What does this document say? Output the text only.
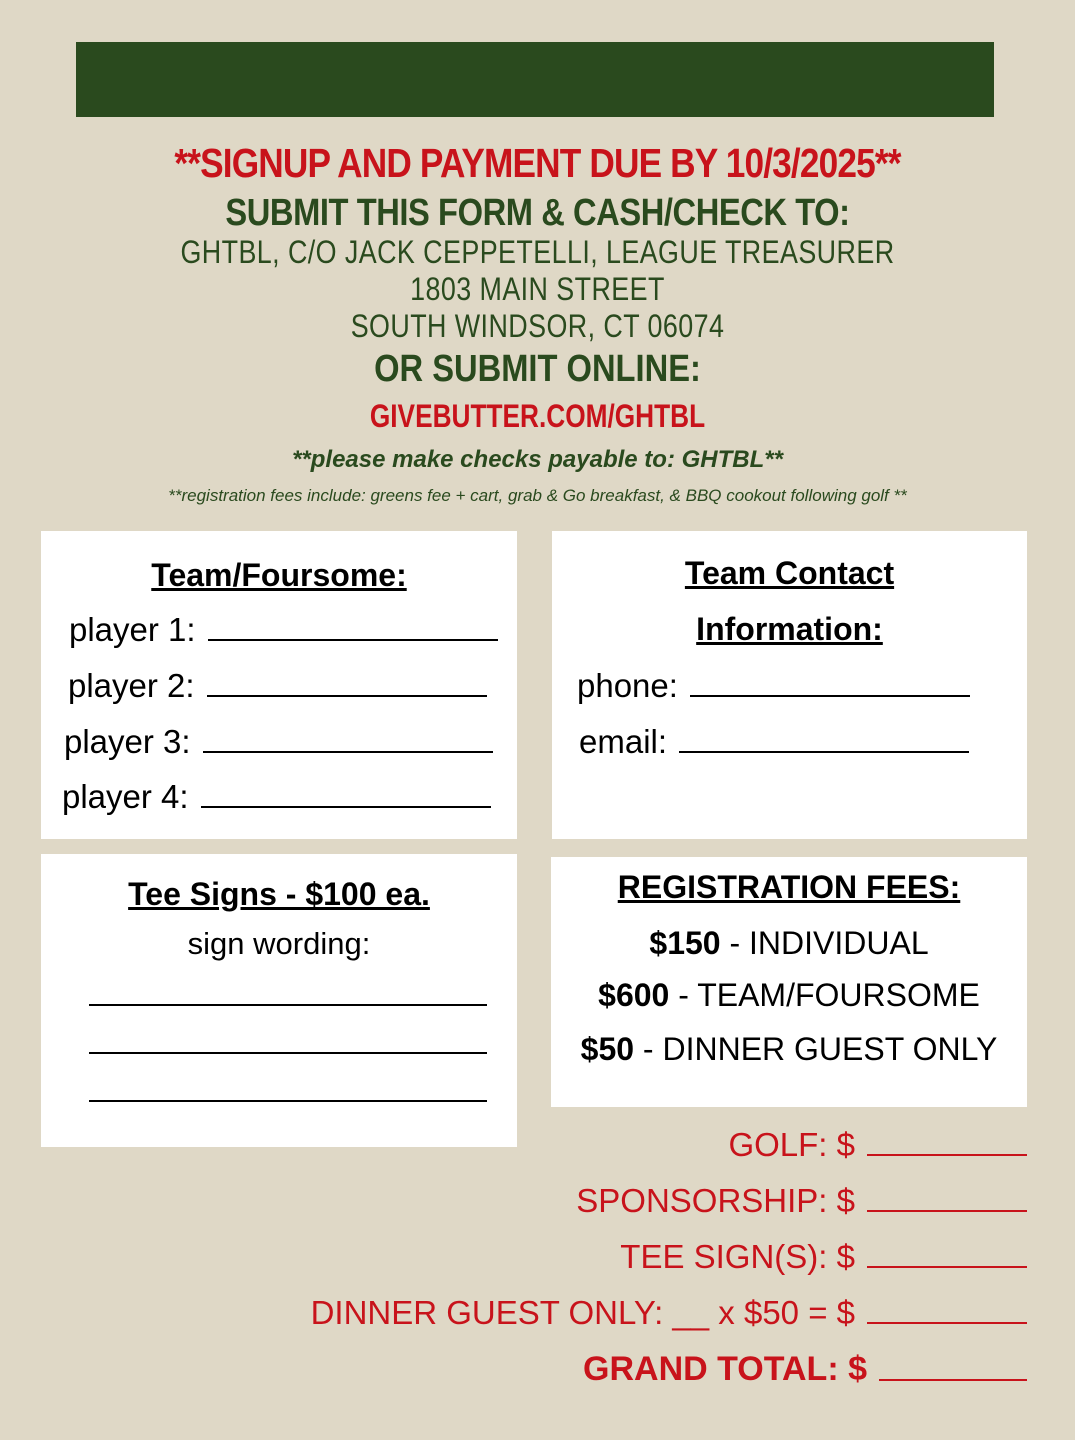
**SIGNUP AND PAYMENT DUE BY 10/3/2025**
SUBMIT THIS FORM & CASH/CHECK TO:
GHTBL, C/O JACK CEPPETELLI, LEAGUE TREASURER
1803 MAIN STREET
SOUTH WINDSOR, CT 06074
OR SUBMIT ONLINE:
GIVEBUTTER.COM/GHTBL
**please make checks payable to: GHTBL**
**registration fees include: greens fee + cart, grab & Go breakfast, & BBQ cookout following golf **
Team/Foursome:
player 1:
player 2:
player 3:
player 4:
Team Contact
Information:
phone:
email:
Tee Signs - $100 ea.
sign wording:
REGISTRATION FEES:
$150 - INDIVIDUAL
$600 - TEAM/FOURSOME
$50 - DINNER GUEST ONLY
GOLF: $
SPONSORSHIP: $
TEE SIGN(S): $
DINNER GUEST ONLY: __ x $50 = $
GRAND TOTAL: $
